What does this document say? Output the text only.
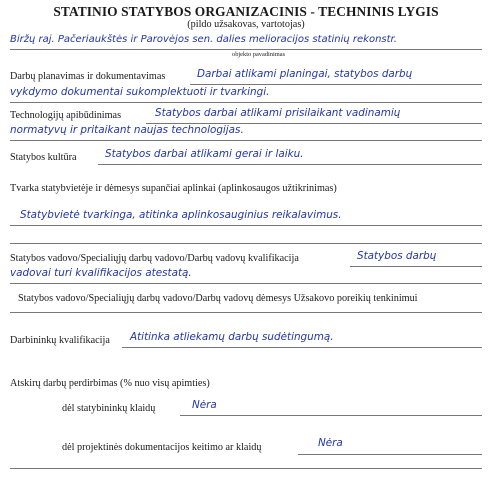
STATINIO STATYBOS ORGANIZACINIS - TECHNINIS LYGIS
(pildo užsakovas, vartotojas)
Biržų raj. Pačeriaukštės ir Parovėjos sen. dalies melioracijos statinių rekonstr.
objekto pavadinimas
Darbų planavimas ir dokumentavimas	Darbai atlikami planingai, statybos darbų
vykdymo dokumentai sukomplektuoti ir tvarkingi.
Technologijų apibūdinimas	Statybos darbai atlikami prisilaikant vadinamių
normatyvų ir pritaikant naujas technologijas.
Statybos kultūra	Statybos darbai atlikami gerai ir laiku.
Tvarka statybvietėje ir dėmesys supančiai aplinkai (aplinkosaugos užtikrinimas)
Statybvietė tvarkinga, atitinka aplinkosauginius reikalavimus.
Statybos vadovo/Specialiųjų darbų vadovo/Darbų vadovų kvalifikacija	Statybos darbų
vadovai turi kvalifikacijos atestatą.
Statybos vadovo/Specialiųjų darbų vadovo/Darbų vadovų dėmesys Užsakovo poreikių tenkinimui
Darbininkų kvalifikacija Atitinka atliekamų darbų sudėtingumą.
Atskirų darbų perdirbimas (% nuo visų apimties)
dėl statybininkų klaidų	Nėra
dėl projektinės dokumentacijos keitimo ar klaidų	Nėra
